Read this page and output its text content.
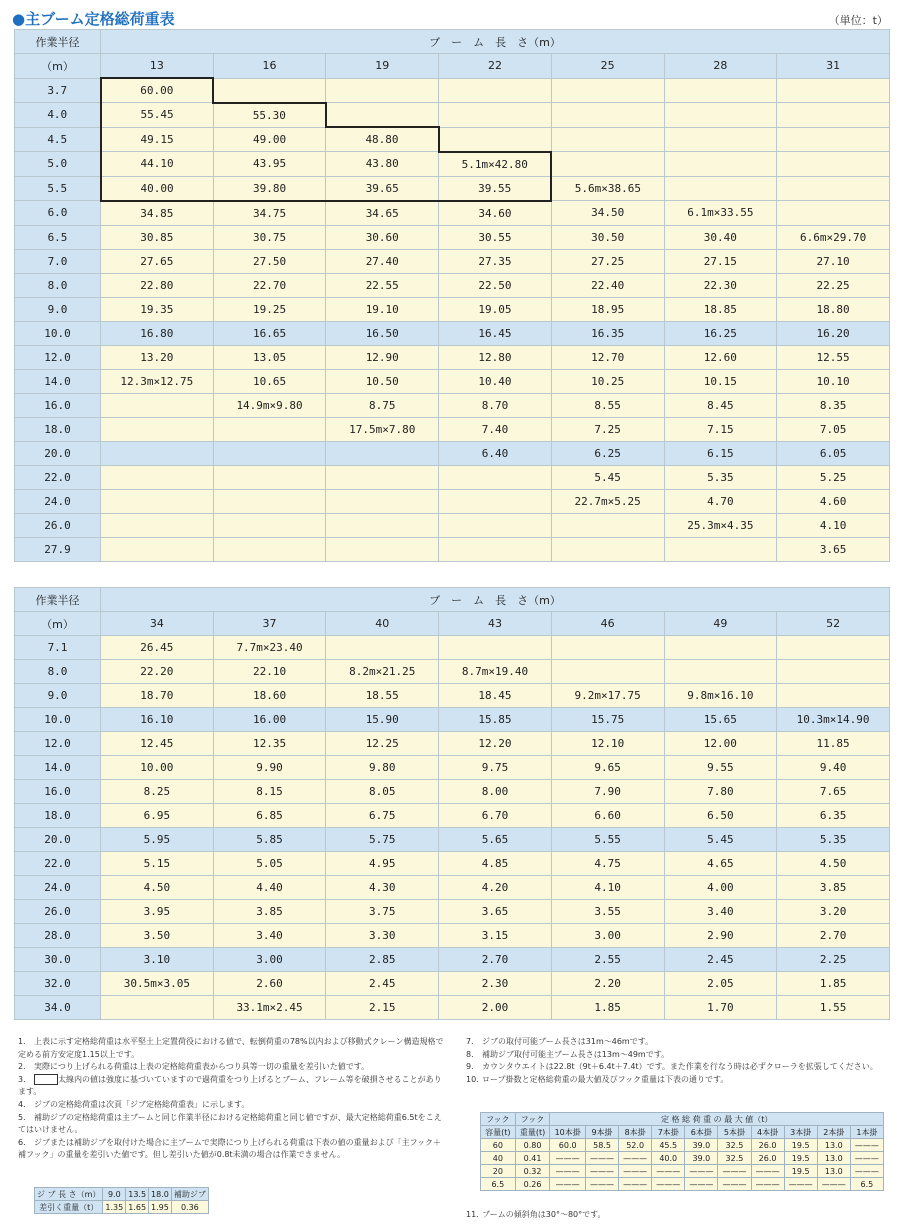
●主ブーム定格総荷重表	（単位：t）
作業半径	ブ　ー　ム　長　さ（m）						
（m）	13	16	19	22	25	28	31
3.7	60.00						
4.0	55.45	55.30					
4.5	49.15	49.00	48.80				
5.0	44.10	43.95	43.80	5.1m×42.80			
5.5	40.00	39.80	39.65	39.55	5.6m×38.65		
6.0	34.85	34.75	34.65	34.60	34.50	6.1m×33.55	
6.5	30.85	30.75	30.60	30.55	30.50	30.40	6.6m×29.70
7.0	27.65	27.50	27.40	27.35	27.25	27.15	27.10
8.0	22.80	22.70	22.55	22.50	22.40	22.30	22.25
9.0	19.35	19.25	19.10	19.05	18.95	18.85	18.80
10.0	16.80	16.65	16.50	16.45	16.35	16.25	16.20
12.0	13.20	13.05	12.90	12.80	12.70	12.60	12.55
14.0	12.3m×12.75	10.65	10.50	10.40	10.25	10.15	10.10
16.0		14.9m×9.80	8.75	8.70	8.55	8.45	8.35
18.0			17.5m×7.80	7.40	7.25	7.15	7.05
20.0				6.40	6.25	6.15	6.05
22.0					5.45	5.35	5.25
24.0					22.7m×5.25	4.70	4.60
26.0						25.3m×4.35	4.10
27.9							3.65
作業半径	ブ　ー　ム　長　さ（m）						
（m）	34	37	40	43	46	49	52
7.1	26.45	7.7m×23.40					
8.0	22.20	22.10	8.2m×21.25	8.7m×19.40			
9.0	18.70	18.60	18.55	18.45	9.2m×17.75	9.8m×16.10	
10.0	16.10	16.00	15.90	15.85	15.75	15.65	10.3m×14.90
12.0	12.45	12.35	12.25	12.20	12.10	12.00	11.85
14.0	10.00	9.90	9.80	9.75	9.65	9.55	9.40
16.0	8.25	8.15	8.05	8.00	7.90	7.80	7.65
18.0	6.95	6.85	6.75	6.70	6.60	6.50	6.35
20.0	5.95	5.85	5.75	5.65	5.55	5.45	5.35
22.0	5.15	5.05	4.95	4.85	4.75	4.65	4.50
24.0	4.50	4.40	4.30	4.20	4.10	4.00	3.85
26.0	3.95	3.85	3.75	3.65	3.55	3.40	3.20
28.0	3.50	3.40	3.30	3.15	3.00	2.90	2.70
30.0	3.10	3.00	2.85	2.70	2.55	2.45	2.25
32.0	30.5m×3.05	2.60	2.45	2.30	2.20	2.05	1.85
34.0		33.1m×2.45	2.15	2.00	1.85	1.70	1.55

1． 上表に示す定格総荷重は水平堅土上定置荷役における値で、転倒荷重の78%以内および移動式クレーン構造規格で定める前方安定度1.15以上です。

2． 実際につり上げられる荷重は上表の定格総荷重表からつり具等一切の重量を差引いた値です。

3．	太線内の値は強度に基づいていますので過荷重をつり上げるとブーム、フレーム等を破損させることがあります。

4． ジブの定格総荷重は次頁「ジブ定格総荷重表」に示します。

5． 補助ジブの定格総荷重は主ブームと同じ作業半径における定格総荷重と同じ値ですが、最大定格総荷重6.5tをこえてはいけません。

6． ジブまたは補助ジブを取付けた場合に主ブームで実際につり上げられる荷重は下表の値の重量および「主フック＋補フック」の重量を差引いた値です。但し差引いた値が0.8t未満の場合は作業できません。

ジ ブ 長 さ（m）	9.0	13.5	18.0	補助ジブ
差引く重量（t）	1.35	1.65	1.95	0.36

7． ジブの取付可能ブーム長さは31m～46mです。

8． 補助ジブ取付可能主ブーム長さは13m～49mです。

9． カウンタウエイトは22.8t（9t＋6.4t＋7.4t）です。また作業を行なう時は必ずクローラを拡張してください。

10．ロープ掛数と定格総荷重の最大値及びフック重量は下表の通りです。

フック	フック	定 格 総 荷 重 の 最 大 値（t）									
容量(t)	重量(t)	10本掛	9本掛	8本掛	7本掛	6本掛	5本掛	4本掛	3本掛	2本掛	1本掛
60	0.80	60.0	58.5	52.0	45.5	39.0	32.5	26.0	19.5	13.0	———
40	0.41	———	———	———	40.0	39.0	32.5	26.0	19.5	13.0	———
20	0.32	———	———	———	———	———	———	———	19.5	13.0	———
6.5	0.26	———	———	———	———	———	———	———	———	———	6.5

11．ブームの傾斜角は30°～80°です。
